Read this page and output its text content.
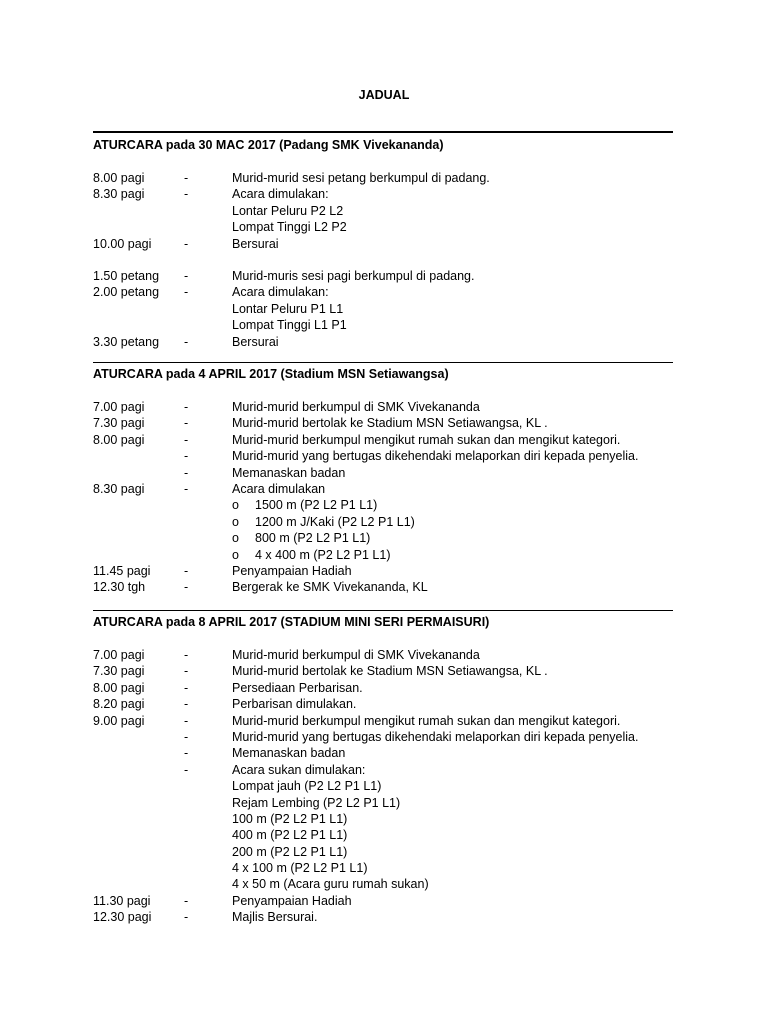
JADUAL
ATURCARA pada 30 MAC 2017 (Padang SMK Vivekananda)
8.00 pagi	-	Murid-murid sesi petang berkumpul di padang.
8.30 pagi	-	Acara dimulakan:
Lontar Peluru P2 L2
Lompat Tinggi L2 P2
10.00 pagi	-	Bersurai
1.50 petang -	Murid-muris sesi pagi berkumpul di padang.
2.00 petang -	Acara dimulakan:
Lontar Peluru P1 L1
Lompat Tinggi L1 P1
3.30 petang -	Bersurai
ATURCARA pada 4 APRIL 2017 (Stadium MSN Setiawangsa)
7.00 pagi	-	Murid-murid berkumpul di SMK Vivekananda
7.30 pagi	-	Murid-murid bertolak ke Stadium MSN Setiawangsa, KL .
8.00 pagi	-	Murid-murid berkumpul mengikut rumah sukan dan mengikut kategori.
-	Murid-murid yang bertugas dikehendaki melaporkan diri kepada penyelia.
-	Memanaskan badan
8.30 pagi	-	Acara dimulakan
o 1500 m (P2 L2 P1 L1)
o 1200 m J/Kaki (P2 L2 P1 L1)
o 800 m (P2 L2 P1 L1)
o 4 x 400 m (P2 L2 P1 L1)
11.45 pagi	-	Penyampaian Hadiah
12.30 tgh	-	Bergerak ke SMK Vivekananda, KL
ATURCARA pada 8 APRIL 2017 (STADIUM MINI SERI PERMAISURI)
7.00 pagi	-	Murid-murid berkumpul di SMK Vivekananda
7.30 pagi	-	Murid-murid bertolak ke Stadium MSN Setiawangsa, KL .
8.00 pagi	-	Persediaan Perbarisan.
8.20 pagi	-	Perbarisan dimulakan.
9.00 pagi	-	Murid-murid berkumpul mengikut rumah sukan dan mengikut kategori.
-	Murid-murid yang bertugas dikehendaki melaporkan diri kepada penyelia.
-	Memanaskan badan
-	Acara sukan dimulakan:
Lompat jauh (P2 L2 P1 L1)
Rejam Lembing (P2 L2 P1 L1)
100 m (P2 L2 P1 L1)
400 m (P2 L2 P1 L1)
200 m (P2 L2 P1 L1)
4 x 100 m (P2 L2 P1 L1)
4 x 50 m (Acara guru rumah sukan)
11.30 pagi	-	Penyampaian Hadiah
12.30 pagi	-	Majlis Bersurai.
